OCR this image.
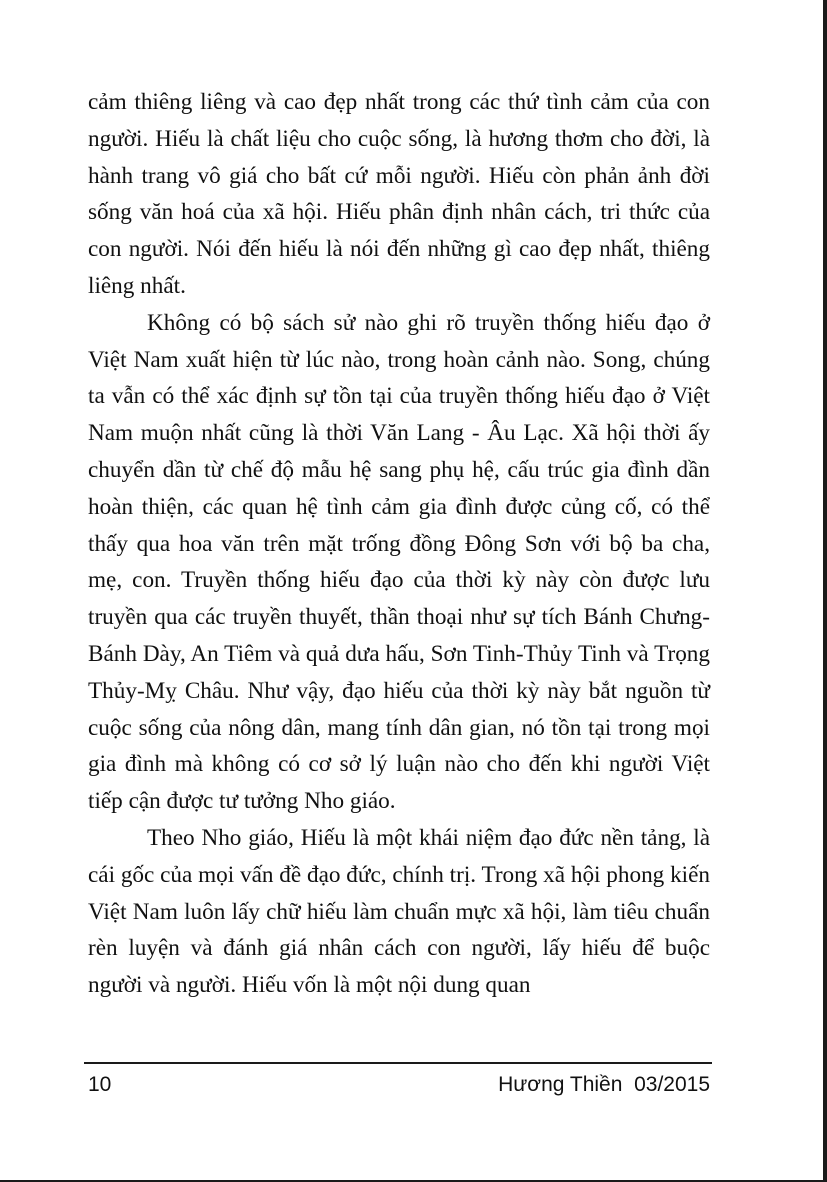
cảm thiêng liêng và cao đẹp nhất trong các thứ tình cảm của con người. Hiếu là chất liệu cho cuộc sống, là hương thơm cho đời, là hành trang vô giá cho bất cứ mỗi người. Hiếu còn phản ảnh đời sống văn hoá của xã hội. Hiếu phân định nhân cách, tri thức của con người. Nói đến hiếu là nói đến những gì cao đẹp nhất, thiêng liêng nhất.

Không có bộ sách sử nào ghi rõ truyền thống hiếu đạo ở Việt Nam xuất hiện từ lúc nào, trong hoàn cảnh nào. Song, chúng ta vẫn có thể xác định sự tồn tại của truyền thống hiếu đạo ở Việt Nam muộn nhất cũng là thời Văn Lang - Âu Lạc. Xã hội thời ấy chuyển dần từ chế độ mẫu hệ sang phụ hệ, cấu trúc gia đình dần hoàn thiện, các quan hệ tình cảm gia đình được củng cố, có thể thấy qua hoa văn trên mặt trống đồng Đông Sơn với bộ ba cha, mẹ, con. Truyền thống hiếu đạo của thời kỳ này còn được lưu truyền qua các truyền thuyết, thần thoại như sự tích Bánh Chưng-Bánh Dày, An Tiêm và quả dưa hấu, Sơn Tinh-Thủy Tinh và Trọng Thủy-Mỵ Châu. Như vậy, đạo hiếu của thời kỳ này bắt nguồn từ cuộc sống của nông dân, mang tính dân gian, nó tồn tại trong mọi gia đình mà không có cơ sở lý luận nào cho đến khi người Việt tiếp cận được tư tưởng Nho giáo.

Theo Nho giáo, Hiếu là một khái niệm đạo đức nền tảng, là cái gốc của mọi vấn đề đạo đức, chính trị. Trong xã hội phong kiến Việt Nam luôn lấy chữ hiếu làm chuẩn mực xã hội, làm tiêu chuẩn rèn luyện và đánh giá nhân cách con người, lấy hiếu để buộc người và người. Hiếu vốn là một nội dung quan

10	Hương Thiền  03/2015
